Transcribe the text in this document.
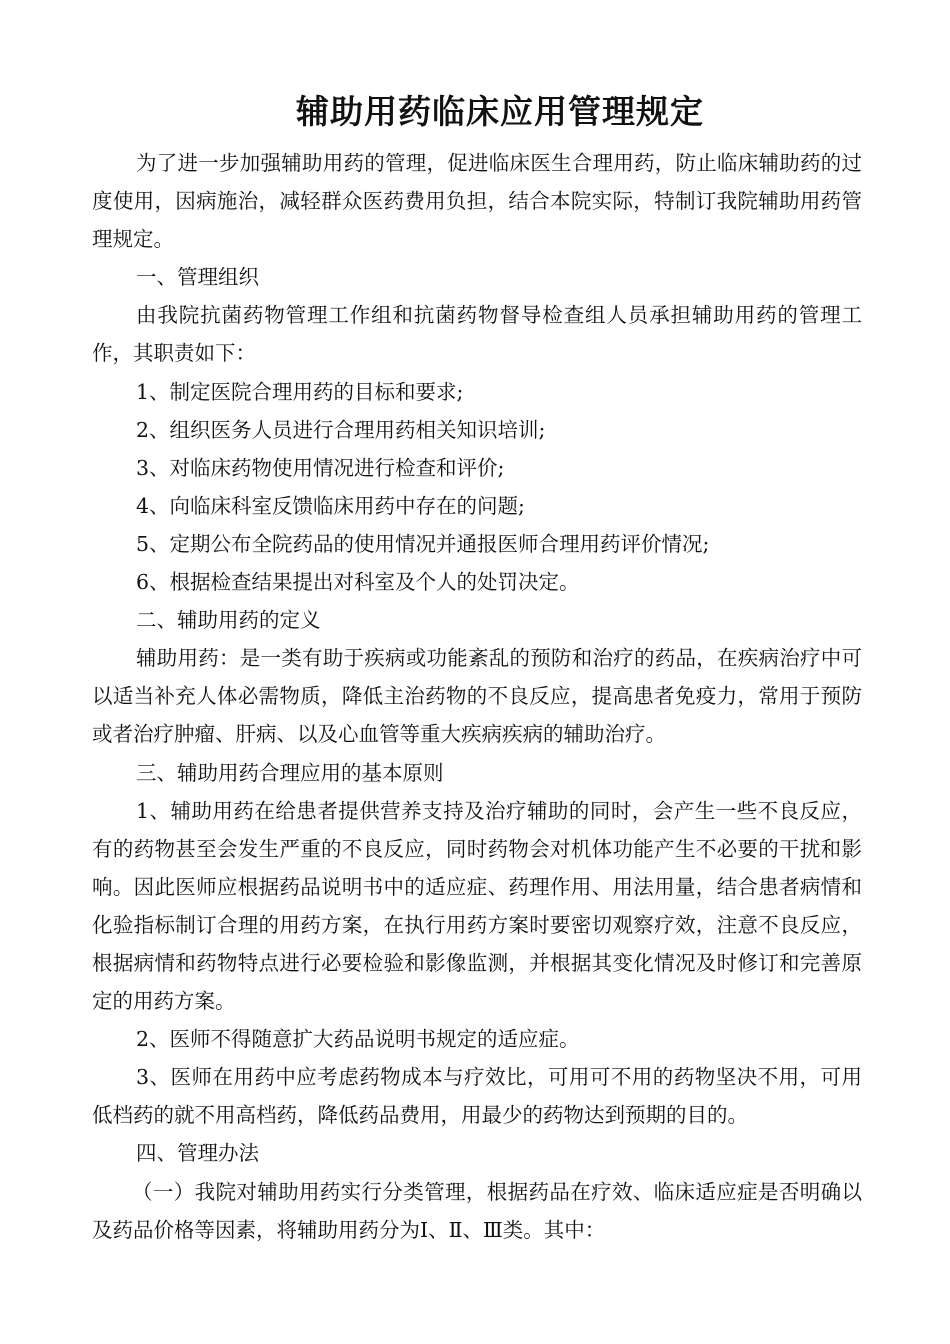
辅助用药临床应用管理规定

为了进一步加强辅助用药的管理，促进临床医生合理用药，防止临床辅助药的过度使用，因病施治，减轻群众医药费用负担，结合本院实际，特制订我院辅助用药管理规定。

一、管理组织

由我院抗菌药物管理工作组和抗菌药物督导检查组人员承担辅助用药的管理工作，其职责如下：

1、制定医院合理用药的目标和要求;

2、组织医务人员进行合理用药相关知识培训;

3、对临床药物使用情况进行检查和评价;

4、向临床科室反馈临床用药中存在的问题;

5、定期公布全院药品的使用情况并通报医师合理用药评价情况;

6、根据检查结果提出对科室及个人的处罚决定。

二、辅助用药的定义

辅助用药：是一类有助于疾病或功能紊乱的预防和治疗的药品，在疾病治疗中可以适当补充人体必需物质，降低主治药物的不良反应，提高患者免疫力，常用于预防或者治疗肿瘤、肝病、以及心血管等重大疾病疾病的辅助治疗。

三、辅助用药合理应用的基本原则

1、辅助用药在给患者提供营养支持及治疗辅助的同时，会产生一些不良反应，有的药物甚至会发生严重的不良反应，同时药物会对机体功能产生不必要的干扰和影响。因此医师应根据药品说明书中的适应症、药理作用、用法用量，结合患者病情和化验指标制订合理的用药方案，在执行用药方案时要密切观察疗效，注意不良反应，根据病情和药物特点进行必要检验和影像监测，并根据其变化情况及时修订和完善原定的用药方案。

2、医师不得随意扩大药品说明书规定的适应症。

3、医师在用药中应考虑药物成本与疗效比，可用可不用的药物坚决不用，可用低档药的就不用高档药，降低药品费用，用最少的药物达到预期的目的。

四、管理办法

（一）我院对辅助用药实行分类管理，根据药品在疗效、临床适应症是否明确以及药品价格等因素，将辅助用药分为Ⅰ、Ⅱ、Ⅲ类。其中：
